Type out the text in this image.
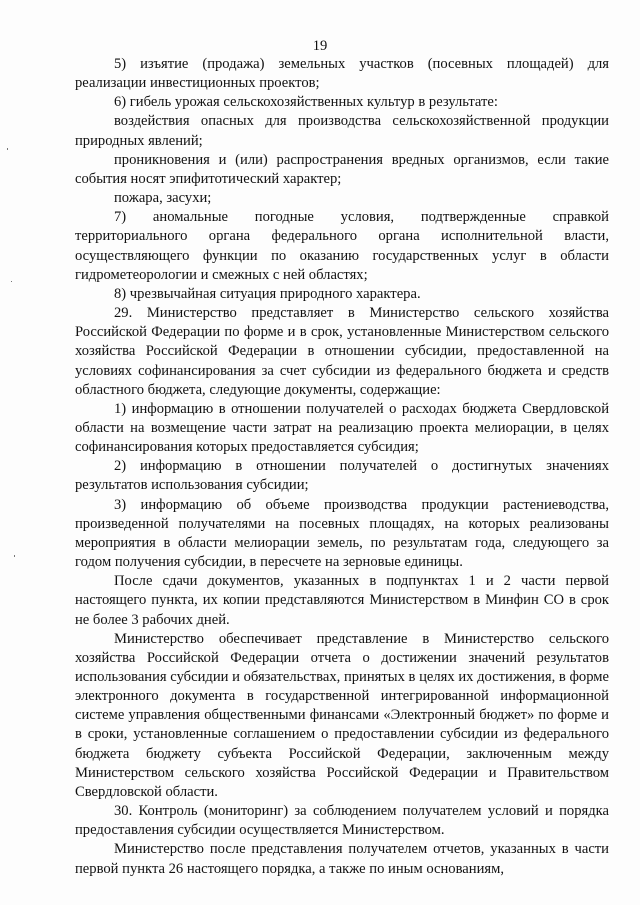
19

5) изъятие (продажа) земельных участков (посевных площадей) для реализации инвестиционных проектов;

6) гибель урожая сельскохозяйственных культур в результате:

воздействия опасных для производства сельскохозяйственной продукции природных явлений;

проникновения и (или) распространения вредных организмов, если такие события носят эпифитотический характер;

пожара, засухи;

7) аномальные погодные условия, подтвержденные справкой территориального органа федерального органа исполнительной власти, осуществляющего функции по оказанию государственных услуг в области гидрометеорологии и смежных с ней областях;

8) чрезвычайная ситуация природного характера.

29. Министерство представляет в Министерство сельского хозяйства Российской Федерации по форме и в срок, установленные Министерством сельского хозяйства Российской Федерации в отношении субсидии, предоставленной на условиях софинансирования за счет субсидии из федерального бюджета и средств областного бюджета, следующие документы, содержащие:

1) информацию в отношении получателей о расходах бюджета Свердловской области на возмещение части затрат на реализацию проекта мелиорации, в целях софинансирования которых предоставляется субсидия;

2) информацию в отношении получателей о достигнутых значениях результатов использования субсидии;

3) информацию об объеме производства продукции растениеводства, произведенной получателями на посевных площадях, на которых реализованы мероприятия в области мелиорации земель, по результатам года, следующего за годом получения субсидии, в пересчете на зерновые единицы.

После сдачи документов, указанных в подпунктах 1 и 2 части первой настоящего пункта, их копии представляются Министерством в Минфин СО в срок не более 3 рабочих дней.

Министерство обеспечивает представление в Министерство сельского хозяйства Российской Федерации отчета о достижении значений результатов использования субсидии и обязательствах, принятых в целях их достижения, в форме электронного документа в государственной интегрированной информационной системе управления общественными финансами «Электронный бюджет» по форме и в сроки, установленные соглашением о предоставлении субсидии из федерального бюджета бюджету субъекта Российской Федерации, заключенным между Министерством сельского хозяйства Российской Федерации и Правительством Свердловской области.

30. Контроль (мониторинг) за соблюдением получателем условий и порядка предоставления субсидии осуществляется Министерством.

Министерство после представления получателем отчетов, указанных в части первой пункта 26 настоящего порядка, а также по иным основаниям,
